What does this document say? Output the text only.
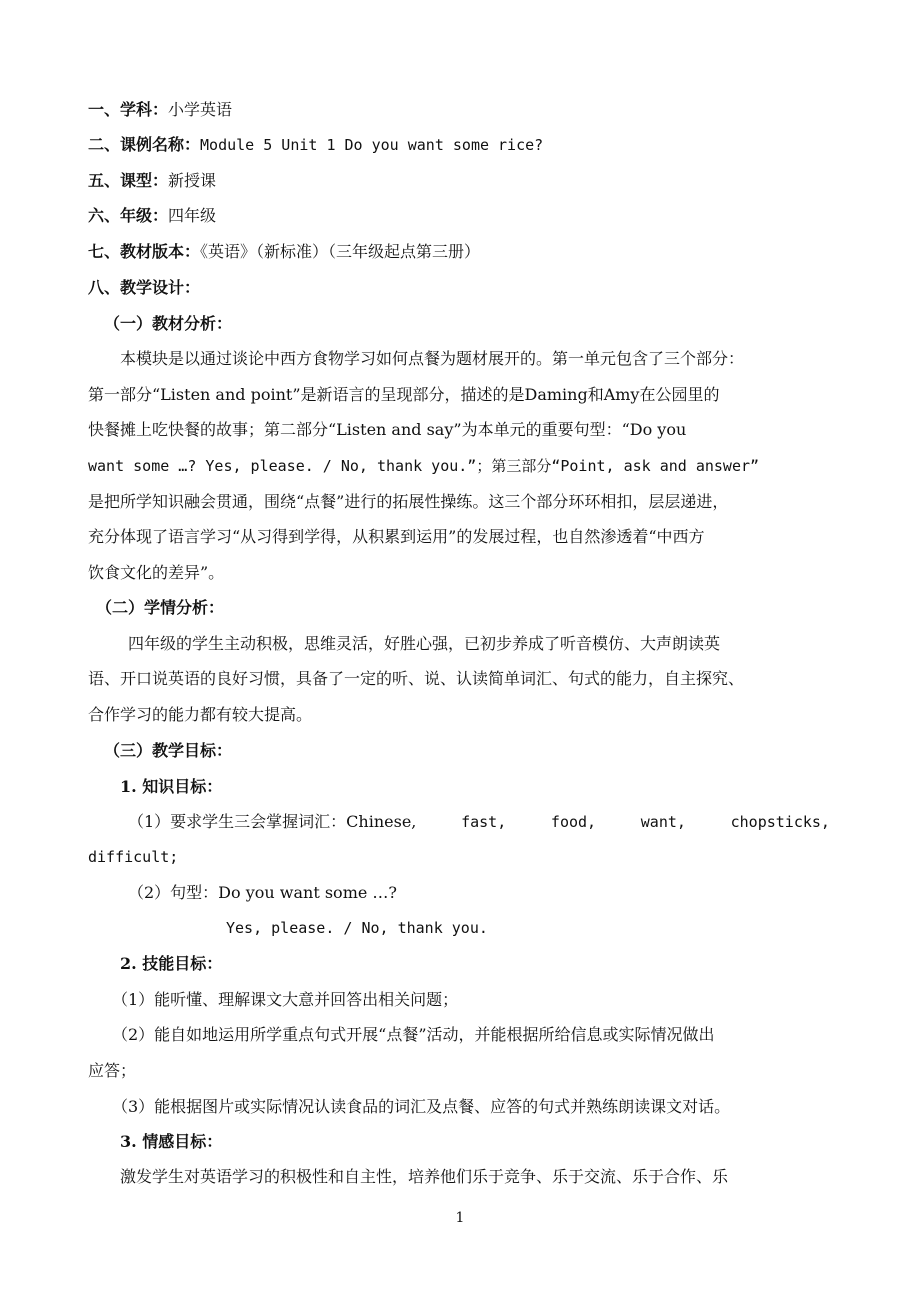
一、学科：小学英语
二、课例名称：Module 5 Unit 1 Do you want some rice?
五、课型：新授课
六、年级：四年级
七、教材版本：《英语》（新标准）（三年级起点第三册）
八、教学设计：
（一）教材分析：
本模块是以通过谈论中西方食物学习如何点餐为题材展开的。第一单元包含了三个部分：
第一部分“Listen and point”是新语言的呈现部分，描述的是Daming和Amy在公园里的
快餐摊上吃快餐的故事；第二部分“Listen and say”为本单元的重要句型：“Do you
want some …? Yes, please. / No, thank you.”；第三部分“Point, ask and answer”
是把所学知识融会贯通，围绕“点餐”进行的拓展性操练。这三个部分环环相扣，层层递进，
充分体现了语言学习“从习得到学得，从积累到运用”的发展过程，也自然渗透着“中西方
饮食文化的差异”。
（二）学情分析：
四年级的学生主动积极，思维灵活，好胜心强，已初步养成了听音模仿、大声朗读英
语、开口说英语的良好习惯，具备了一定的听、说、认读简单词汇、句式的能力，自主探究、
合作学习的能力都有较大提高。
（三）教学目标：
1. 知识目标：
（1）要求学生三会掌握词汇：Chinese,	fast,	food,	want,	chopsticks,
difficult;
（2）句型：Do you want some …?
Yes, please. / No, thank you.
2. 技能目标：
（1）能听懂、理解课文大意并回答出相关问题；
（2）能自如地运用所学重点句式开展“点餐”活动，并能根据所给信息或实际情况做出
应答；
（3）能根据图片或实际情况认读食品的词汇及点餐、应答的句式并熟练朗读课文对话。
3. 情感目标：
激发学生对英语学习的积极性和自主性，培养他们乐于竞争、乐于交流、乐于合作、乐
1
